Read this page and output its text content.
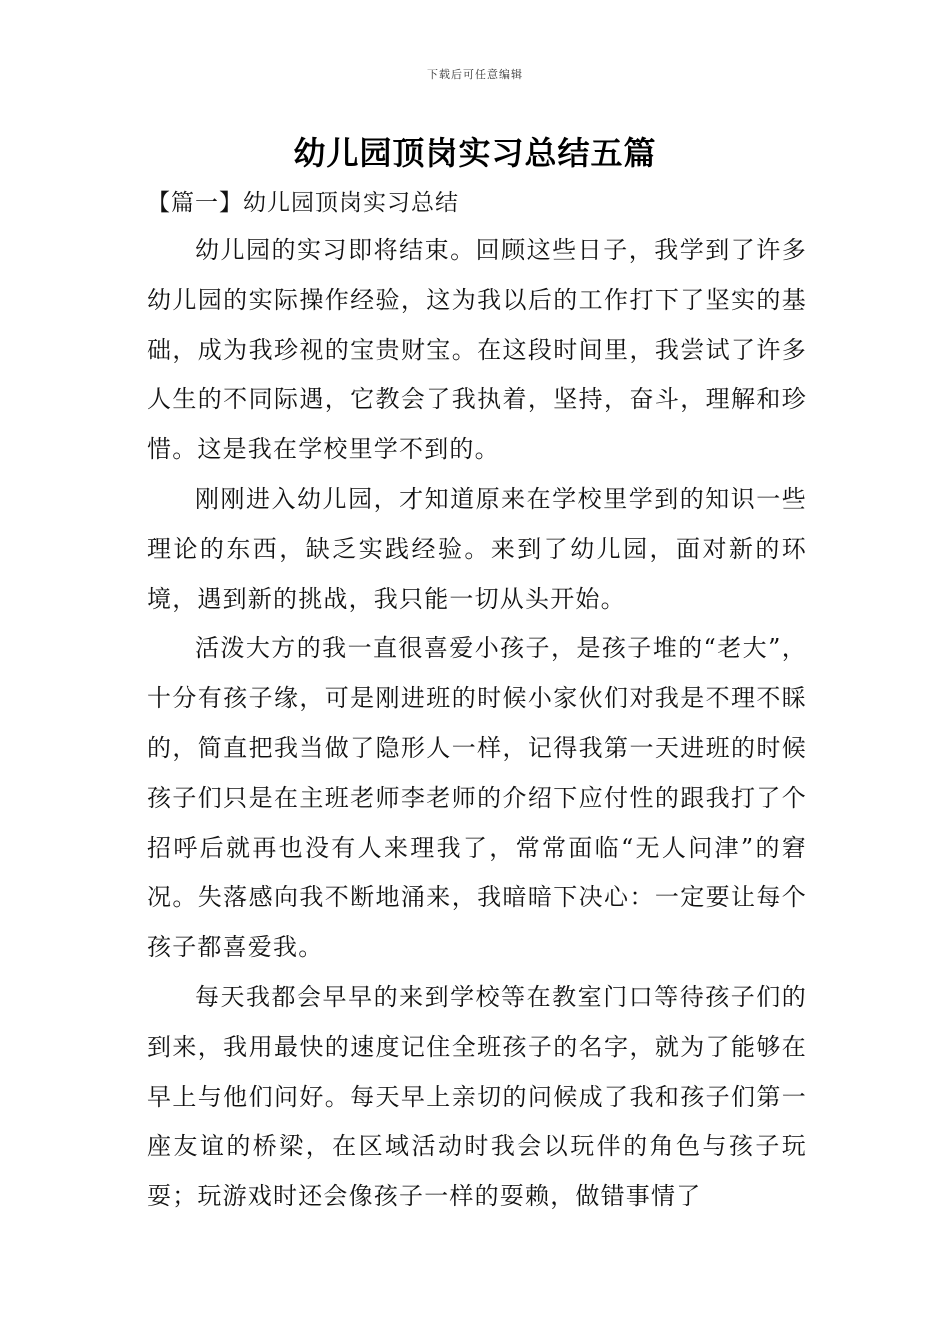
下载后可任意编辑
幼儿园顶岗实习总结五篇
【篇一】幼儿园顶岗实习总结

幼儿园的实习即将结束。回顾这些日子，我学到了许多幼儿园的实际操作经验，这为我以后的工作打下了坚实的基础，成为我珍视的宝贵财宝。在这段时间里，我尝试了许多人生的不同际遇，它教会了我执着，坚持，奋斗，理解和珍惜。这是我在学校里学不到的。

刚刚进入幼儿园，才知道原来在学校里学到的知识一些理论的东西，缺乏实践经验。来到了幼儿园，面对新的环境，遇到新的挑战，我只能一切从头开始。

活泼大方的我一直很喜爱小孩子，是孩子堆的“老大”，十分有孩子缘，可是刚进班的时候小家伙们对我是不理不睬的，简直把我当做了隐形人一样，记得我第一天进班的时候孩子们只是在主班老师李老师的介绍下应付性的跟我打了个招呼后就再也没有人来理我了，常常面临“无人问津”的窘况。失落感向我不断地涌来，我暗暗下决心：一定要让每个孩子都喜爱我。

每天我都会早早的来到学校等在教室门口等待孩子们的到来，我用最快的速度记住全班孩子的名字，就为了能够在早上与他们问好。每天早上亲切的问候成了我和孩子们第一座友谊的桥梁，在区域活动时我会以玩伴的角色与孩子玩耍；玩游戏时还会像孩子一样的耍赖，做错事情了
